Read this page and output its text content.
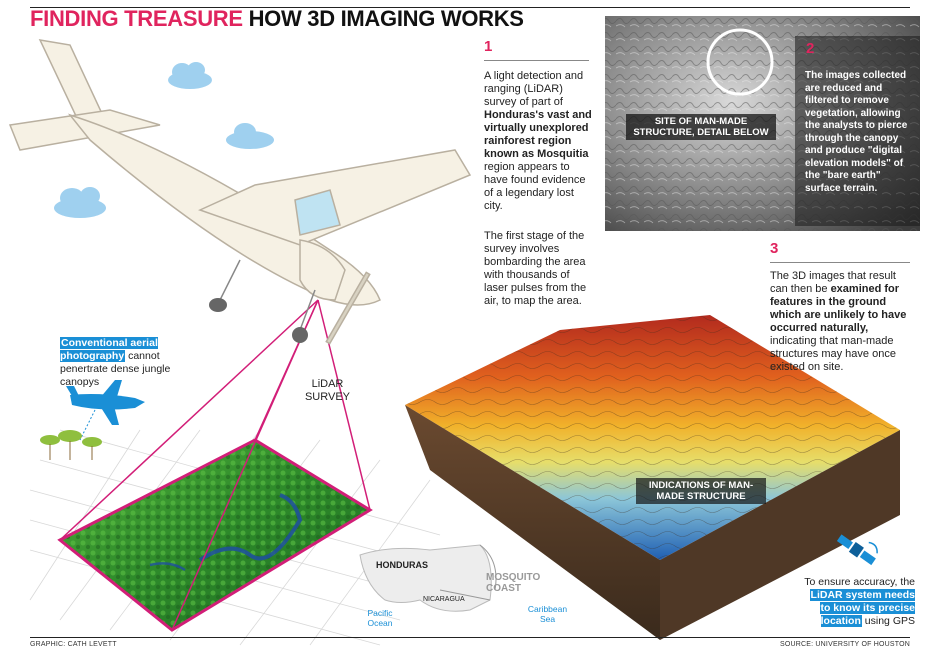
FINDING TREASURE HOW 3D IMAGING WORKS
1
A light detection and ranging (LiDAR) survey of part of Honduras's vast and virtually unexplored rainforest region known as Mosquitia region appears to have found evidence of a legendary lost city.
The first stage of the survey involves bombarding the area with thousands of laser pulses from the air, to map the area.
2
The images collected are reduced and filtered to remove vegetation, allowing the analysts to pierce through the canopy and produce "digital elevation models" of the "bare earth" surface terrain.
SITE OF MAN-MADE STRUCTURE, DETAIL BELOW
3
The 3D images that result can then be examined for features in the ground which are unlikely to have occurred naturally, indicating that man-made structures may have once existed on site.
INDICATIONS OF MAN-MADE STRUCTURE
LiDAR SURVEY
Conventional aerial photography cannot penertrate dense jungle canopys
HONDURAS
NICARAGUA
MOSQUITO COAST
Pacific Ocean
Caribbean Sea
To ensure accuracy, the LiDAR system needs to know its precise location using GPS
GRAPHIC: CATH LEVETT	SOURCE: UNIVERSITY OF HOUSTON
